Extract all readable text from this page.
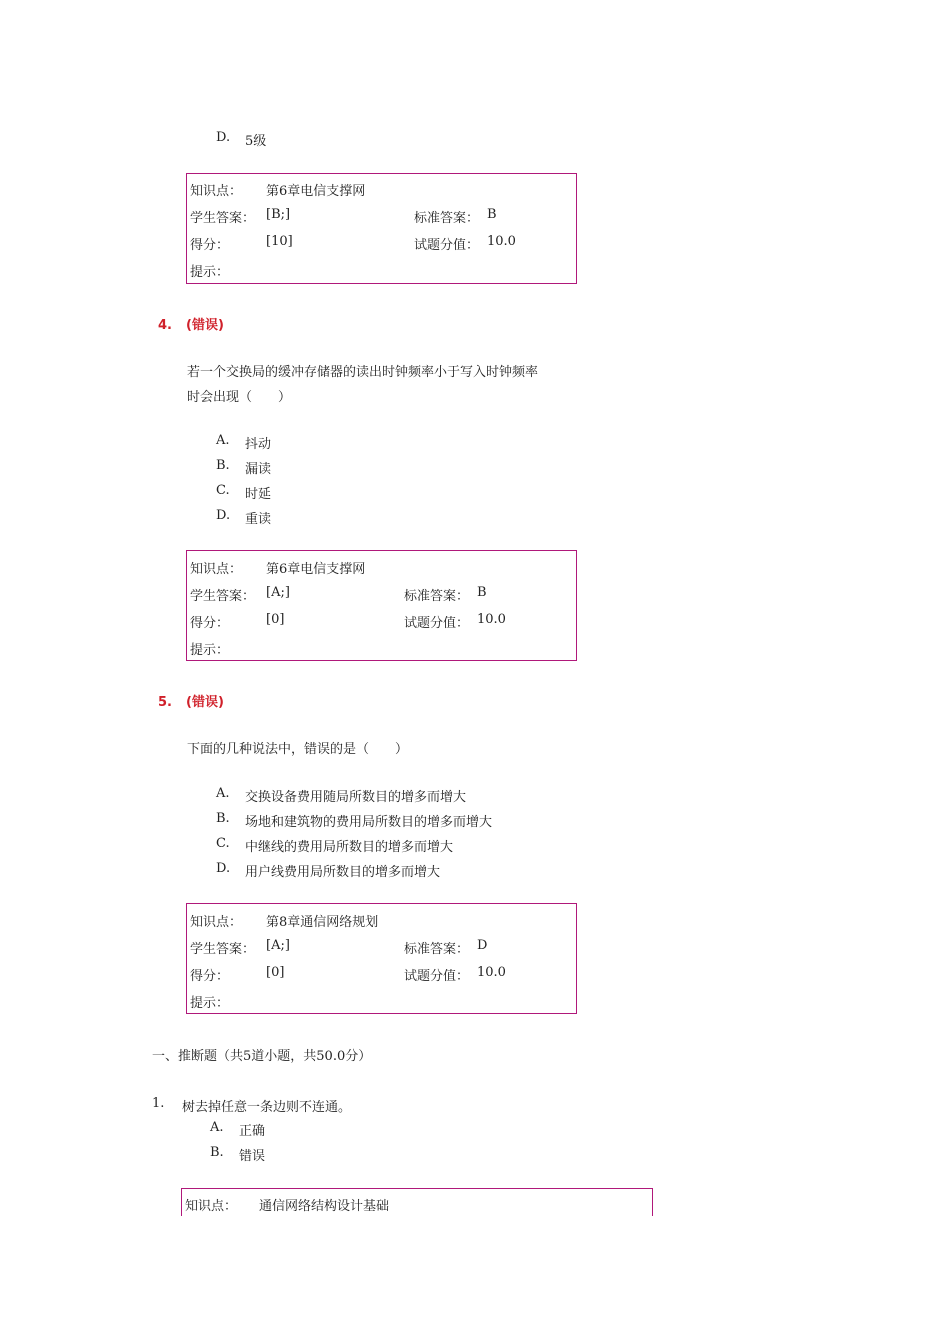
D. 5级
知识点： 第6章电信支撑网
学生答案： [B;]	标准答案： B
得分：	[10]	试题分值： 10.0
提示：
4. (错误)
若一个交换局的缓冲存储器的读出时钟频率小于写入时钟频率
时会出现（　　）
A. 抖动
B. 漏读
C. 时延
D. 重读
知识点： 第6章电信支撑网
学生答案： [A;]	标准答案： B
得分：	[0]	试题分值： 10.0
提示：
5. (错误)
下面的几种说法中，错误的是（　　）
A. 交换设备费用随局所数目的增多而增大
B. 场地和建筑物的费用局所数目的增多而增大
C. 中继线的费用局所数目的增多而增大
D. 用户线费用局所数目的增多而增大
知识点： 第8章通信网络规划
学生答案： [A;]	标准答案： D
得分：	[0]	试题分值： 10.0
提示：
一、推断题（共5道小题，共50.0分）
1. 树去掉任意一条边则不连通。
A. 正确
B. 错误
知识点： 通信网络结构设计基础
